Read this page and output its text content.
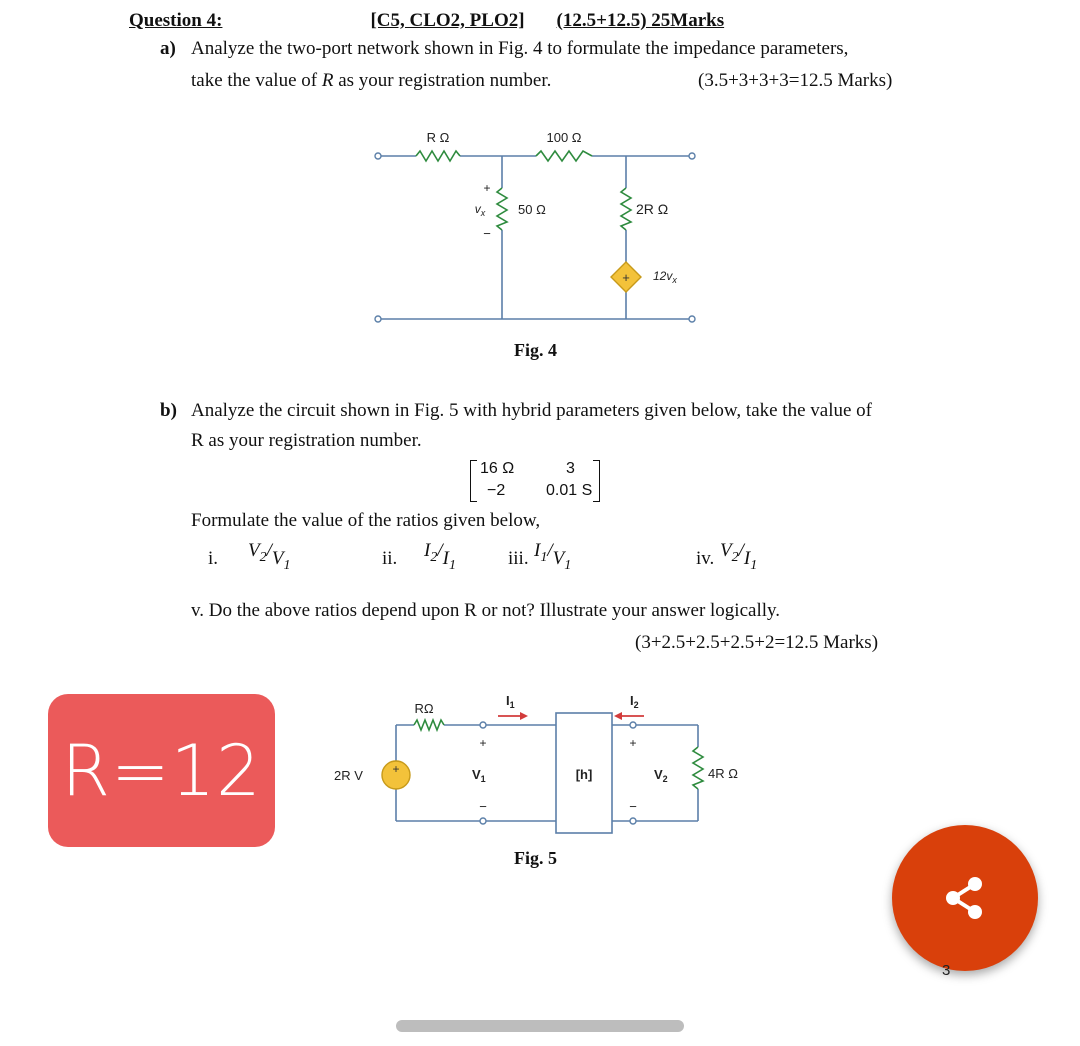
Question 4:	[C5, CLO2, PLO2] (12.5+12.5) 25Marks
a) Analyze the two-port network shown in Fig. 4 to formulate the impedance parameters,
take the value of R as your registration number.	(3.5+3+3+3=12.5 Marks)
+
R Ω	100 Ω
50 Ω	2R Ω
+
$v_x$
−
$12v_x$
Fig. 4
b) Analyze the circuit shown in Fig. 5 with hybrid parameters given below, take the value of
R as your registration number.
16 Ω	3
−2	0.01 S
Formulate the value of the ratios given below,
i. $V_2/V_1$	ii. $I_2/I_1$	iii. $I_1/V_1$	iv. $V_2/I_1$
v. Do the above ratios depend upon R or not? Illustrate your answer logically.
(3+2.5+2.5+2.5+2=12.5 Marks)
+
RΩ
2R V
$I_1$	$I_2$
+
$V_1$
−
[h]
+
$V_2$
−
4R Ω
Fig. 5
R=12
3
